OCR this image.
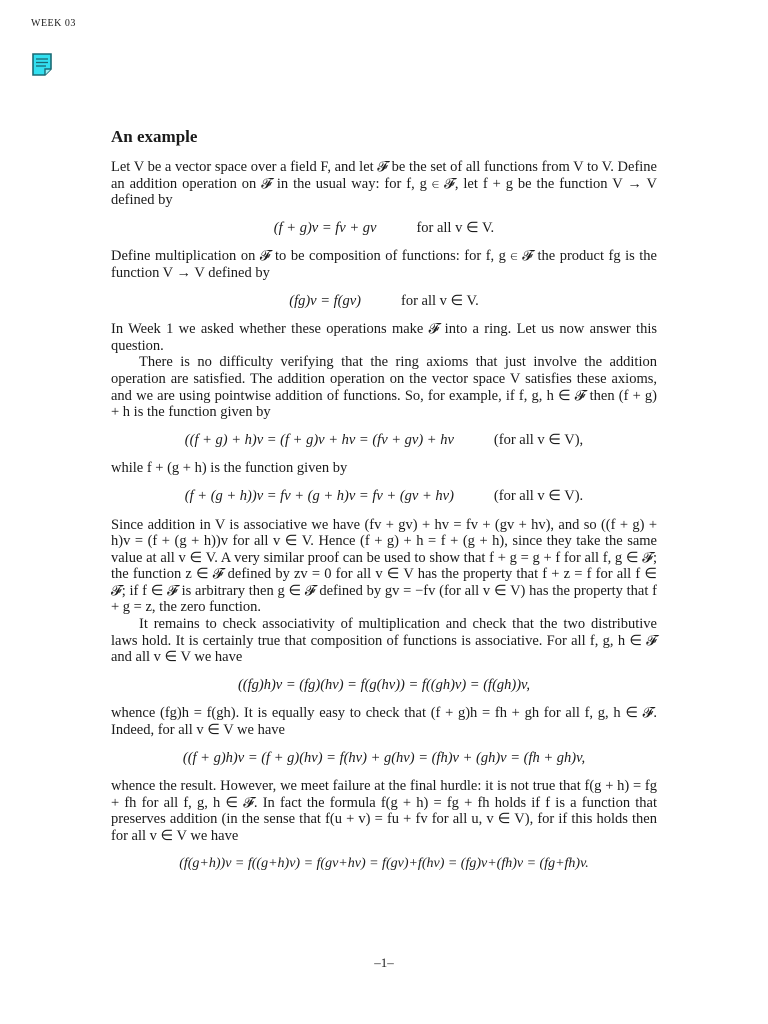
WEEK 03
An example

Let V be a vector space over a field F, and let 𝓕 be the set of all functions from V to V. Define an addition operation on 𝓕 in the usual way: for f, g ∈ 𝓕, let f + g be the function V → V defined by

(f + g)v = fv + gv	for all v ∈ V.

Define multiplication on 𝓕 to be composition of functions: for f, g ∈ 𝓕 the product fg is the function V → V defined by

(fg)v = f(gv)	for all v ∈ V.

In Week 1 we asked whether these operations make 𝓕 into a ring. Let us now answer this question.

There is no difficulty verifying that the ring axioms that just involve the addition operation are satisfied. The addition operation on the vector space V satisfies these axioms, and we are using pointwise addition of functions. So, for example, if f, g, h ∈ 𝓕 then (f + g) + h is the function given by

((f + g) + h)v = (f + g)v + hv = (fv + gv) + hv	(for all v ∈ V),

while f + (g + h) is the function given by

(f + (g + h))v = fv + (g + h)v = fv + (gv + hv)	(for all v ∈ V).

Since addition in V is associative we have (fv + gv) + hv = fv + (gv + hv), and so ((f + g) + h)v = (f + (g + h))v for all v ∈ V. Hence (f + g) + h = f + (g + h), since they take the same value at all v ∈ V. A very similar proof can be used to show that f + g = g + f for all f, g ∈ 𝓕; the function z ∈ 𝓕 defined by zv = 0 for all v ∈ V has the property that f + z = f for all f ∈ 𝓕; if f ∈ 𝓕 is arbitrary then g ∈ 𝓕 defined by gv = −fv (for all v ∈ V) has the property that f + g = z, the zero function.

It remains to check associativity of multiplication and check that the two distributive laws hold. It is certainly true that composition of functions is associative. For all f, g, h ∈ 𝓕 and all v ∈ V we have

((fg)h)v = (fg)(hv) = f(g(hv)) = f((gh)v) = (f(gh))v,

whence (fg)h = f(gh). It is equally easy to check that (f + g)h = fh + gh for all f, g, h ∈ 𝓕. Indeed, for all v ∈ V we have

((f + g)h)v = (f + g)(hv) = f(hv) + g(hv) = (fh)v + (gh)v = (fh + gh)v,

whence the result. However, we meet failure at the final hurdle: it is not true that f(g + h) = fg + fh for all f, g, h ∈ 𝓕. In fact the formula f(g + h) = fg + fh holds if f is a function that preserves addition (in the sense that f(u + v) = fu + fv for all u, v ∈ V), for if this holds then for all v ∈ V we have

(f(g+h))v = f((g+h)v) = f(gv+hv) = f(gv)+f(hv) = (fg)v+(fh)v = (fg+fh)v.
–1–
